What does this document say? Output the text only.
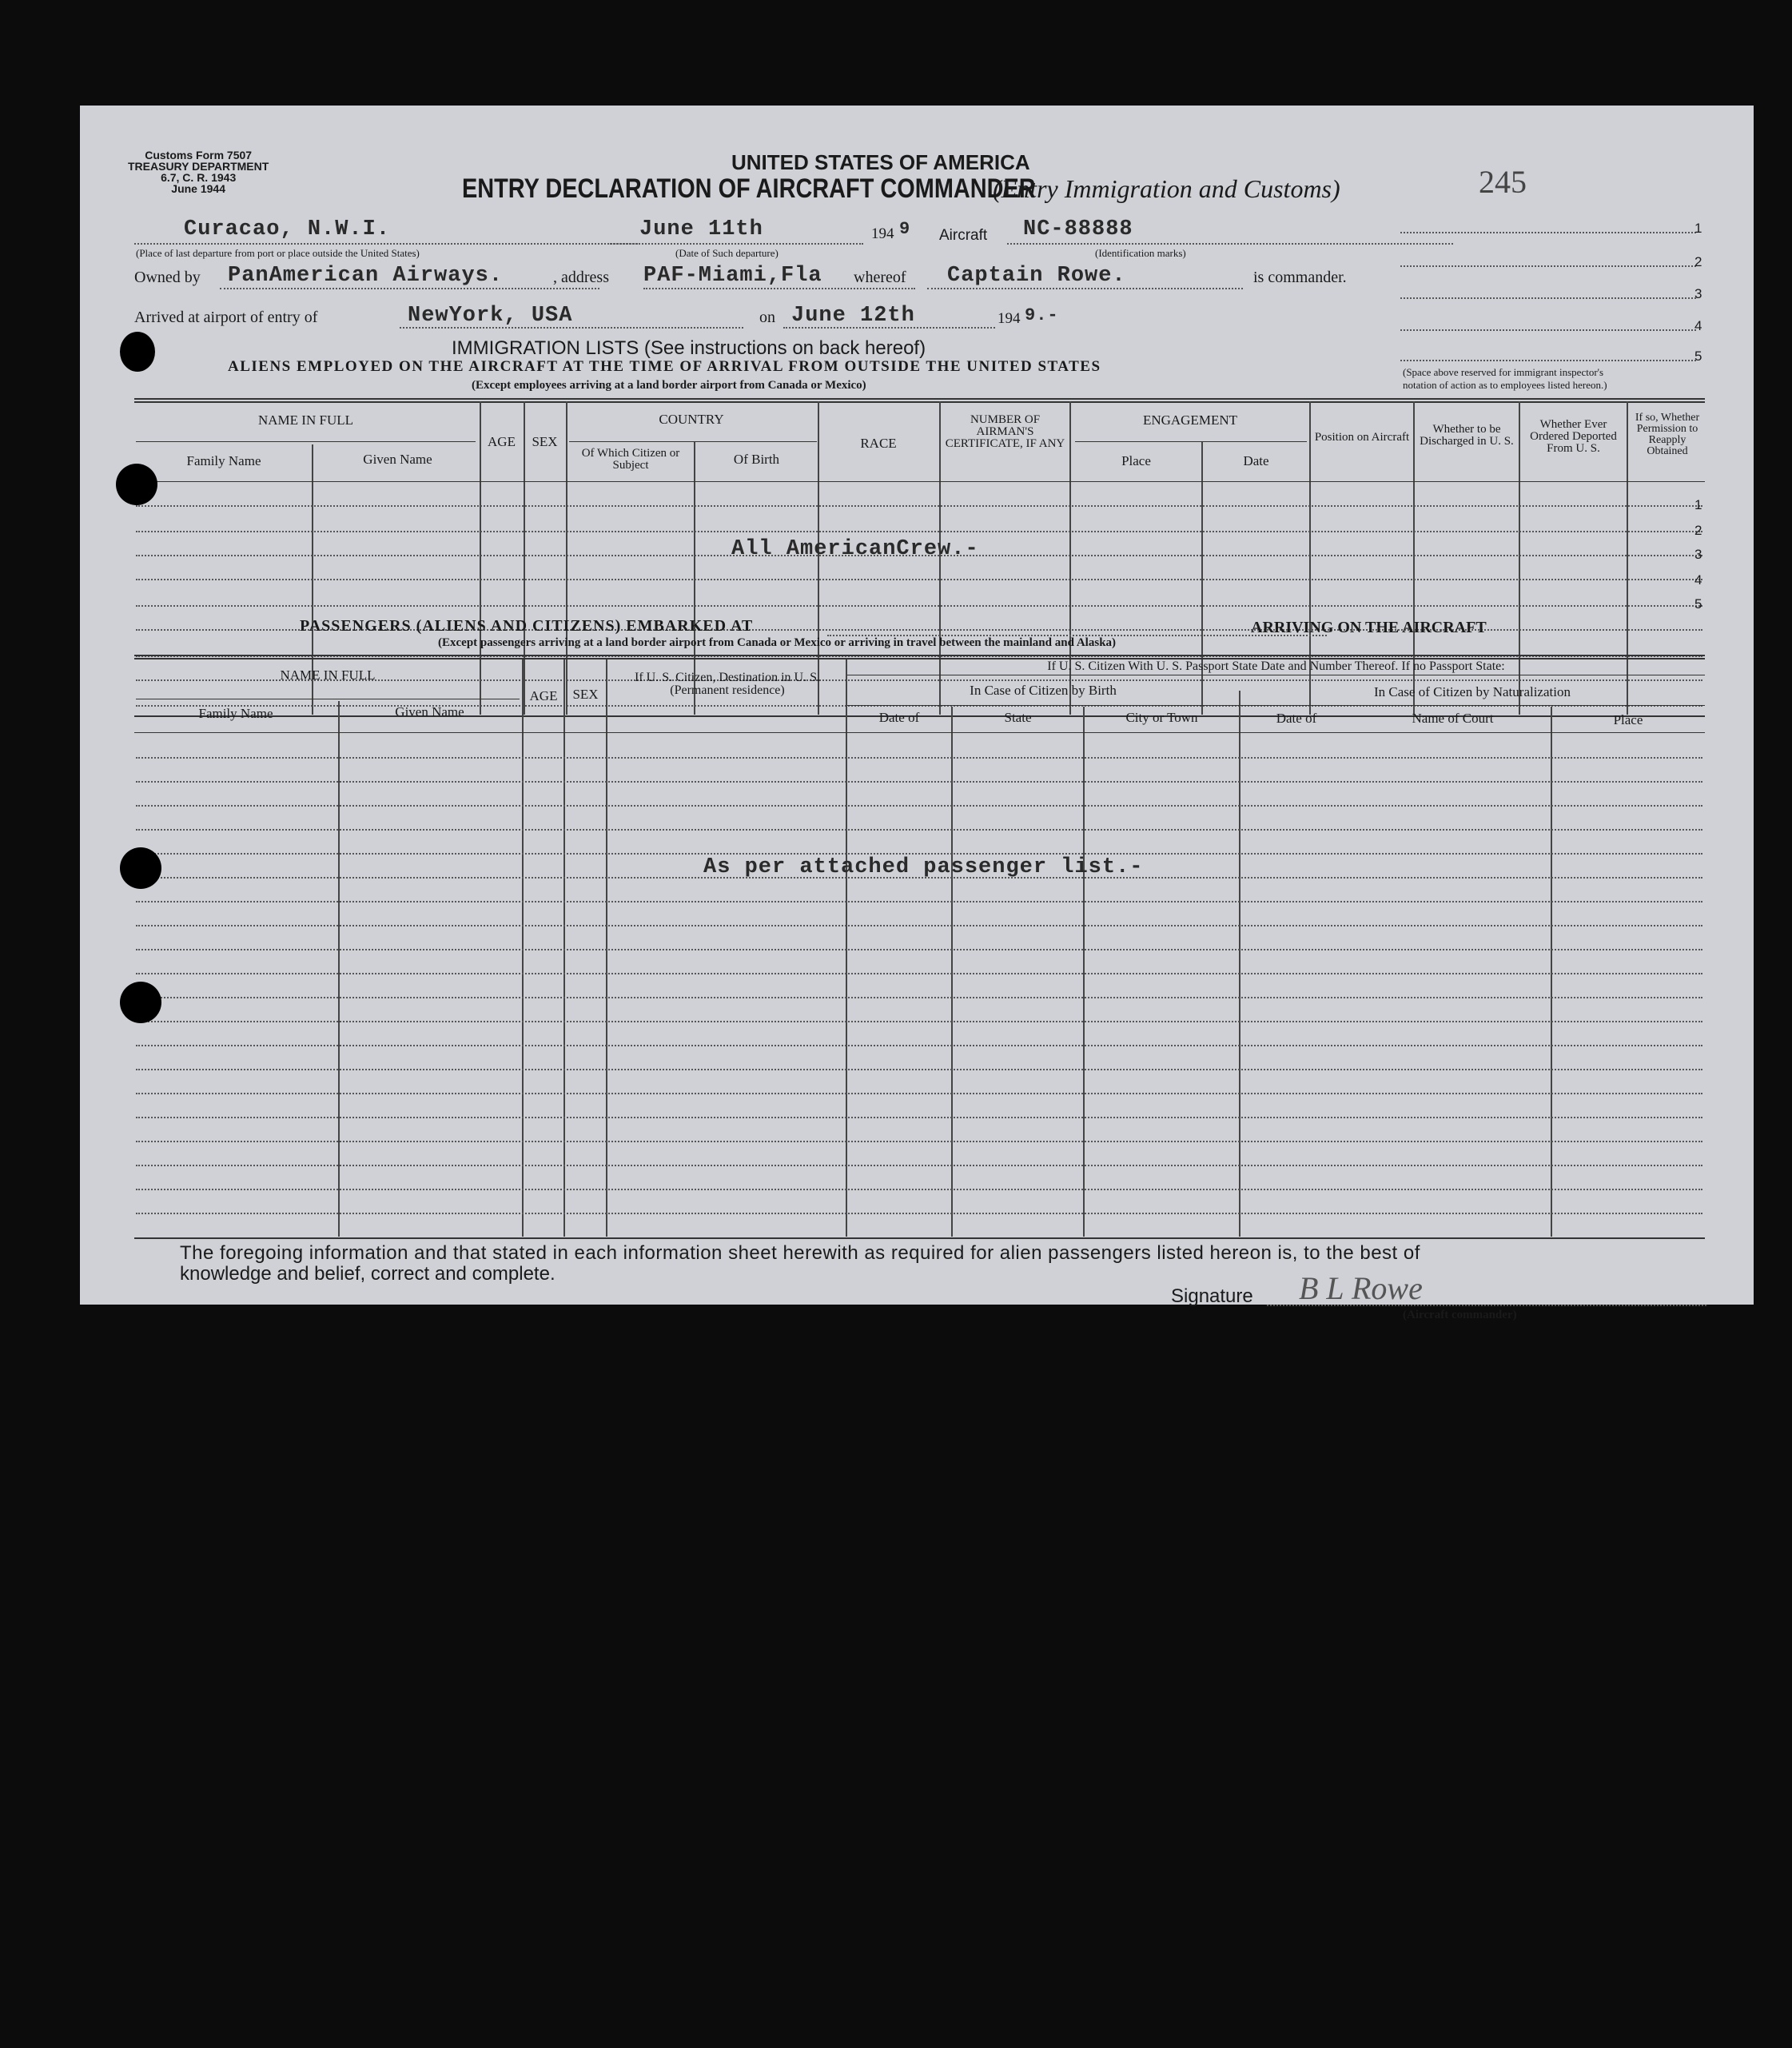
Customs Form 7507
TREASURY DEPARTMENT
6.7, C. R. 1943
June 1944
UNITED STATES OF AMERICA
ENTRY DECLARATION OF AIRCRAFT COMMANDER
(Entry Immigration and Customs)	245
Curacao, N.W.I.
(Place of last departure from port or place outside the United States)
June 11th
(Date of Such departure)
194 9 Aircraft NC-88888
(Identification marks)
Owned by PanAmerican Airways.	, address PAF-Miami,Fla whereof Captain Rowe.	is commander.
Arrived at airport of entry of	NewYork, USA	on June 12th	194 9.-
1
2
3
4
5
(Space above reserved for immigrant inspector's
notation of action as to employees listed hereon.)
IMMIGRATION LISTS (See instructions on back hereof)
ALIENS EMPLOYED ON THE AIRCRAFT AT THE TIME OF ARRIVAL FROM OUTSIDE THE UNITED STATES
(Except employees arriving at a land border airport from Canada or Mexico)
NAME IN FULL
Family Name	Given Name
AGE	SEX
COUNTRY
Of Which Citizen or Subject	Of Birth
RACE
NUMBER OF AIRMAN'S CERTIFICATE, IF ANY
ENGAGEMENT
Place	Date
Position on Aircraft
Whether to be Discharged in U. S.
Whether Ever Ordered Deported From U. S.
If so, Whether Permission to Reapply Obtained
1
2
3
4
5
All AmericanCrew.-
PASSENGERS (ALIENS AND CITIZENS) EMBARKED AT	ARRIVING ON THE AIRCRAFT
(Except passengers arriving at a land border airport from Canada or Mexico or arriving in travel between the mainland and Alaska)
NAME IN FULL
Family Name	Given Name
AGE	SEX
If U. S. Citizen, Destination in U. S. (Permanent residence)
If U. S. Citizen With U. S. Passport State Date and Number Thereof. If no Passport State:
In Case of Citizen by Birth	In Case of Citizen by Naturalization
Date of	State	City or Town	Date of	Name of Court	Place
As per attached passenger list.-
The foregoing information and that stated in each information sheet herewith as required for alien passengers listed hereon is, to the best of
knowledge and belief, correct and complete.
Signature B L Rowe
(Aircraft commander)
